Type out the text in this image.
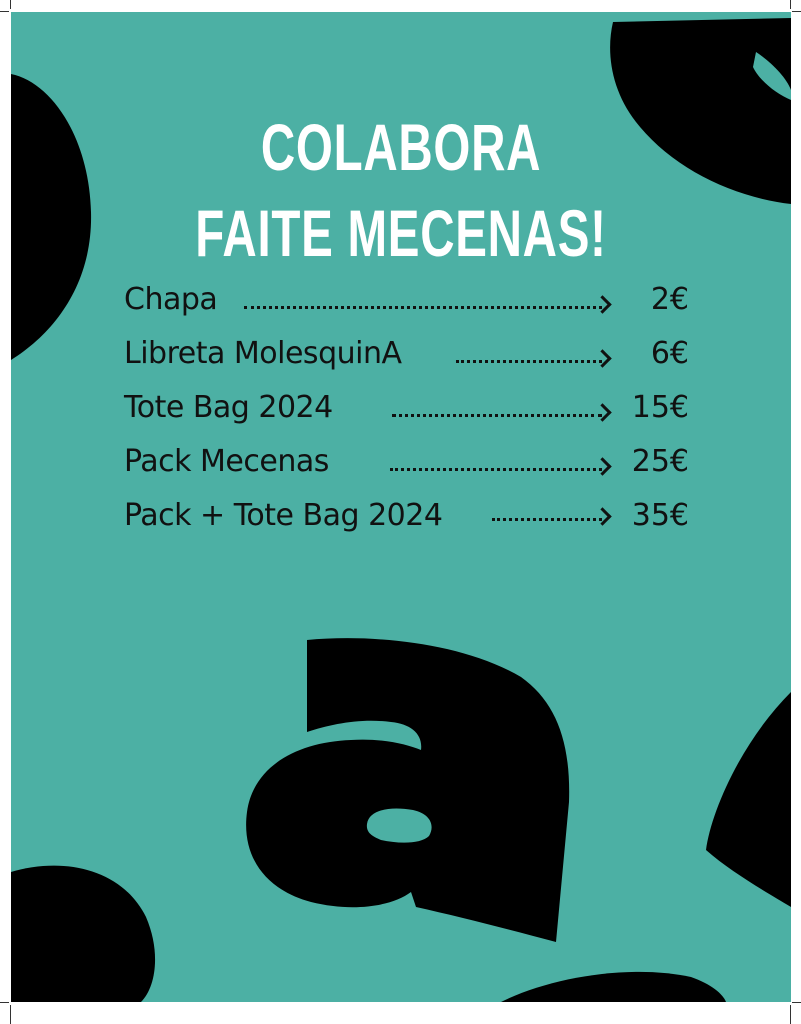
COLABORA
FAITE MECENAS!
Chapa	2€
Libreta MolesquinA	6€
Tote Bag 2024	15€
Pack Mecenas	25€
Pack + Tote Bag 2024	35€
